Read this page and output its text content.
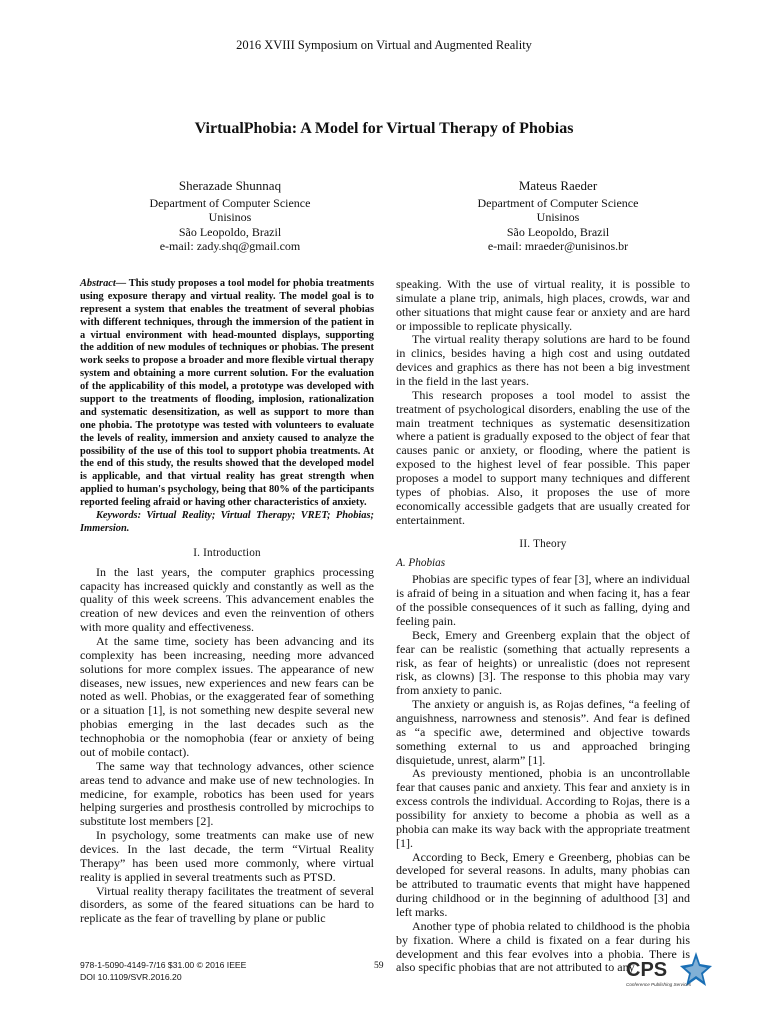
2016 XVIII Symposium on Virtual and Augmented Reality
VirtualPhobia: A Model for Virtual Therapy of Phobias
Sherazade Shunnaq
Department of Computer Science
Unisinos
São Leopoldo, Brazil
e-mail: zady.shq@gmail.com
Mateus Raeder
Department of Computer Science
Unisinos
São Leopoldo, Brazil
e-mail: mraeder@unisinos.br

Abstract— This study proposes a tool model for phobia treatments using exposure therapy and virtual reality. The model goal is to represent a system that enables the treatment of several phobias with different techniques, through the immersion of the patient in a virtual environment with head-mounted displays, supporting the addition of new modules of techniques or phobias. The present work seeks to propose a broader and more flexible virtual therapy system and obtaining a more current solution. For the evaluation of the applicability of this model, a prototype was developed with support to the treatments of flooding, implosion, rationalization and systematic desensitization, as well as support to more than one phobia. The prototype was tested with volunteers to evaluate the levels of reality, immersion and anxiety caused to analyze the possibility of the use of this tool to support phobia treatments. At the end of this study, the results showed that the developed model is applicable, and that virtual reality has great strength when applied to human's psychology, being that 80% of the participants reported feeling afraid or having other characteristics of anxiety.

Keywords: Virtual Reality; Virtual Therapy; VRET; Phobias; Immersion.

I. Introduction

In the last years, the computer graphics processing capacity has increased quickly and constantly as well as the quality of this week screens. This advancement enables the creation of new devices and even the reinvention of others with more quality and effectiveness.

At the same time, society has been advancing and its complexity has been increasing, needing more advanced solutions for more complex issues. The appearance of new diseases, new issues, new experiences and new fears can be noted as well. Phobias, or the exaggerated fear of something or a situation [1], is not something new despite several new phobias emerging in the last decades such as the technophobia or the nomophobia (fear or anxiety of being out of mobile contact).

The same way that technology advances, other science areas tend to advance and make use of new technologies. In medicine, for example, robotics has been used for years helping surgeries and prosthesis controlled by microchips to substitute lost members [2].

In psychology, some treatments can make use of new devices. In the last decade, the term “Virtual Reality Therapy” has been used more commonly, where virtual reality is applied in several treatments such as PTSD.

Virtual reality therapy facilitates the treatment of several disorders, as some of the feared situations can be hard to replicate as the fear of travelling by plane or public

speaking. With the use of virtual reality, it is possible to simulate a plane trip, animals, high places, crowds, war and other situations that might cause fear or anxiety and are hard or impossible to replicate physically.

The virtual reality therapy solutions are hard to be found in clinics, besides having a high cost and using outdated devices and graphics as there has not been a big investment in the field in the last years.

This research proposes a tool model to assist the treatment of psychological disorders, enabling the use of the main treatment techniques as systematic desensitization where a patient is gradually exposed to the object of fear that causes panic or anxiety, or flooding, where the patient is exposed to the highest level of fear possible. This paper proposes a model to support many techniques and different types of phobias. Also, it proposes the use of more economically accessible gadgets that are usually created for entertainment.

II. Theory
A. Phobias

Phobias are specific types of fear [3], where an individual is afraid of being in a situation and when facing it, has a fear of the possible consequences of it such as falling, dying and feeling pain.

Beck, Emery and Greenberg explain that the object of fear can be realistic (something that actually represents a risk, as fear of heights) or unrealistic (does not represent risk, as clowns) [3]. The response to this phobia may vary from anxiety to panic.

The anxiety or anguish is, as Rojas defines, “a feeling of anguishness, narrowness and stenosis”. And fear is defined as “a specific awe, determined and objective towards something external to us and approached bringing disquietude, unrest, alarm” [1].

As previousty mentioned, phobia is an uncontrollable fear that causes panic and anxiety. This fear and anxiety is in excess controls the individual. According to Rojas, there is a possibility for anxiety to become a phobia as well as a phobia can make its way back with the appropriate treatment [1].

According to Beck, Emery e Greenberg, phobias can be developed for several reasons. In adults, many phobias can be attributed to traumatic events that might have happened during childhood or in the beginning of adulthood [3] and left marks.

Another type of phobia related to childhood is the phobia by fixation. Where a child is fixated on a fear during his development and this fear evolves into a phobia. There is also specific phobias that are not attributed to any

978-1-5090-4149-7/16 $31.00 © 2016 IEEE
DOI 10.1109/SVR.2016.20
59	CPS
Conference Publishing Services
